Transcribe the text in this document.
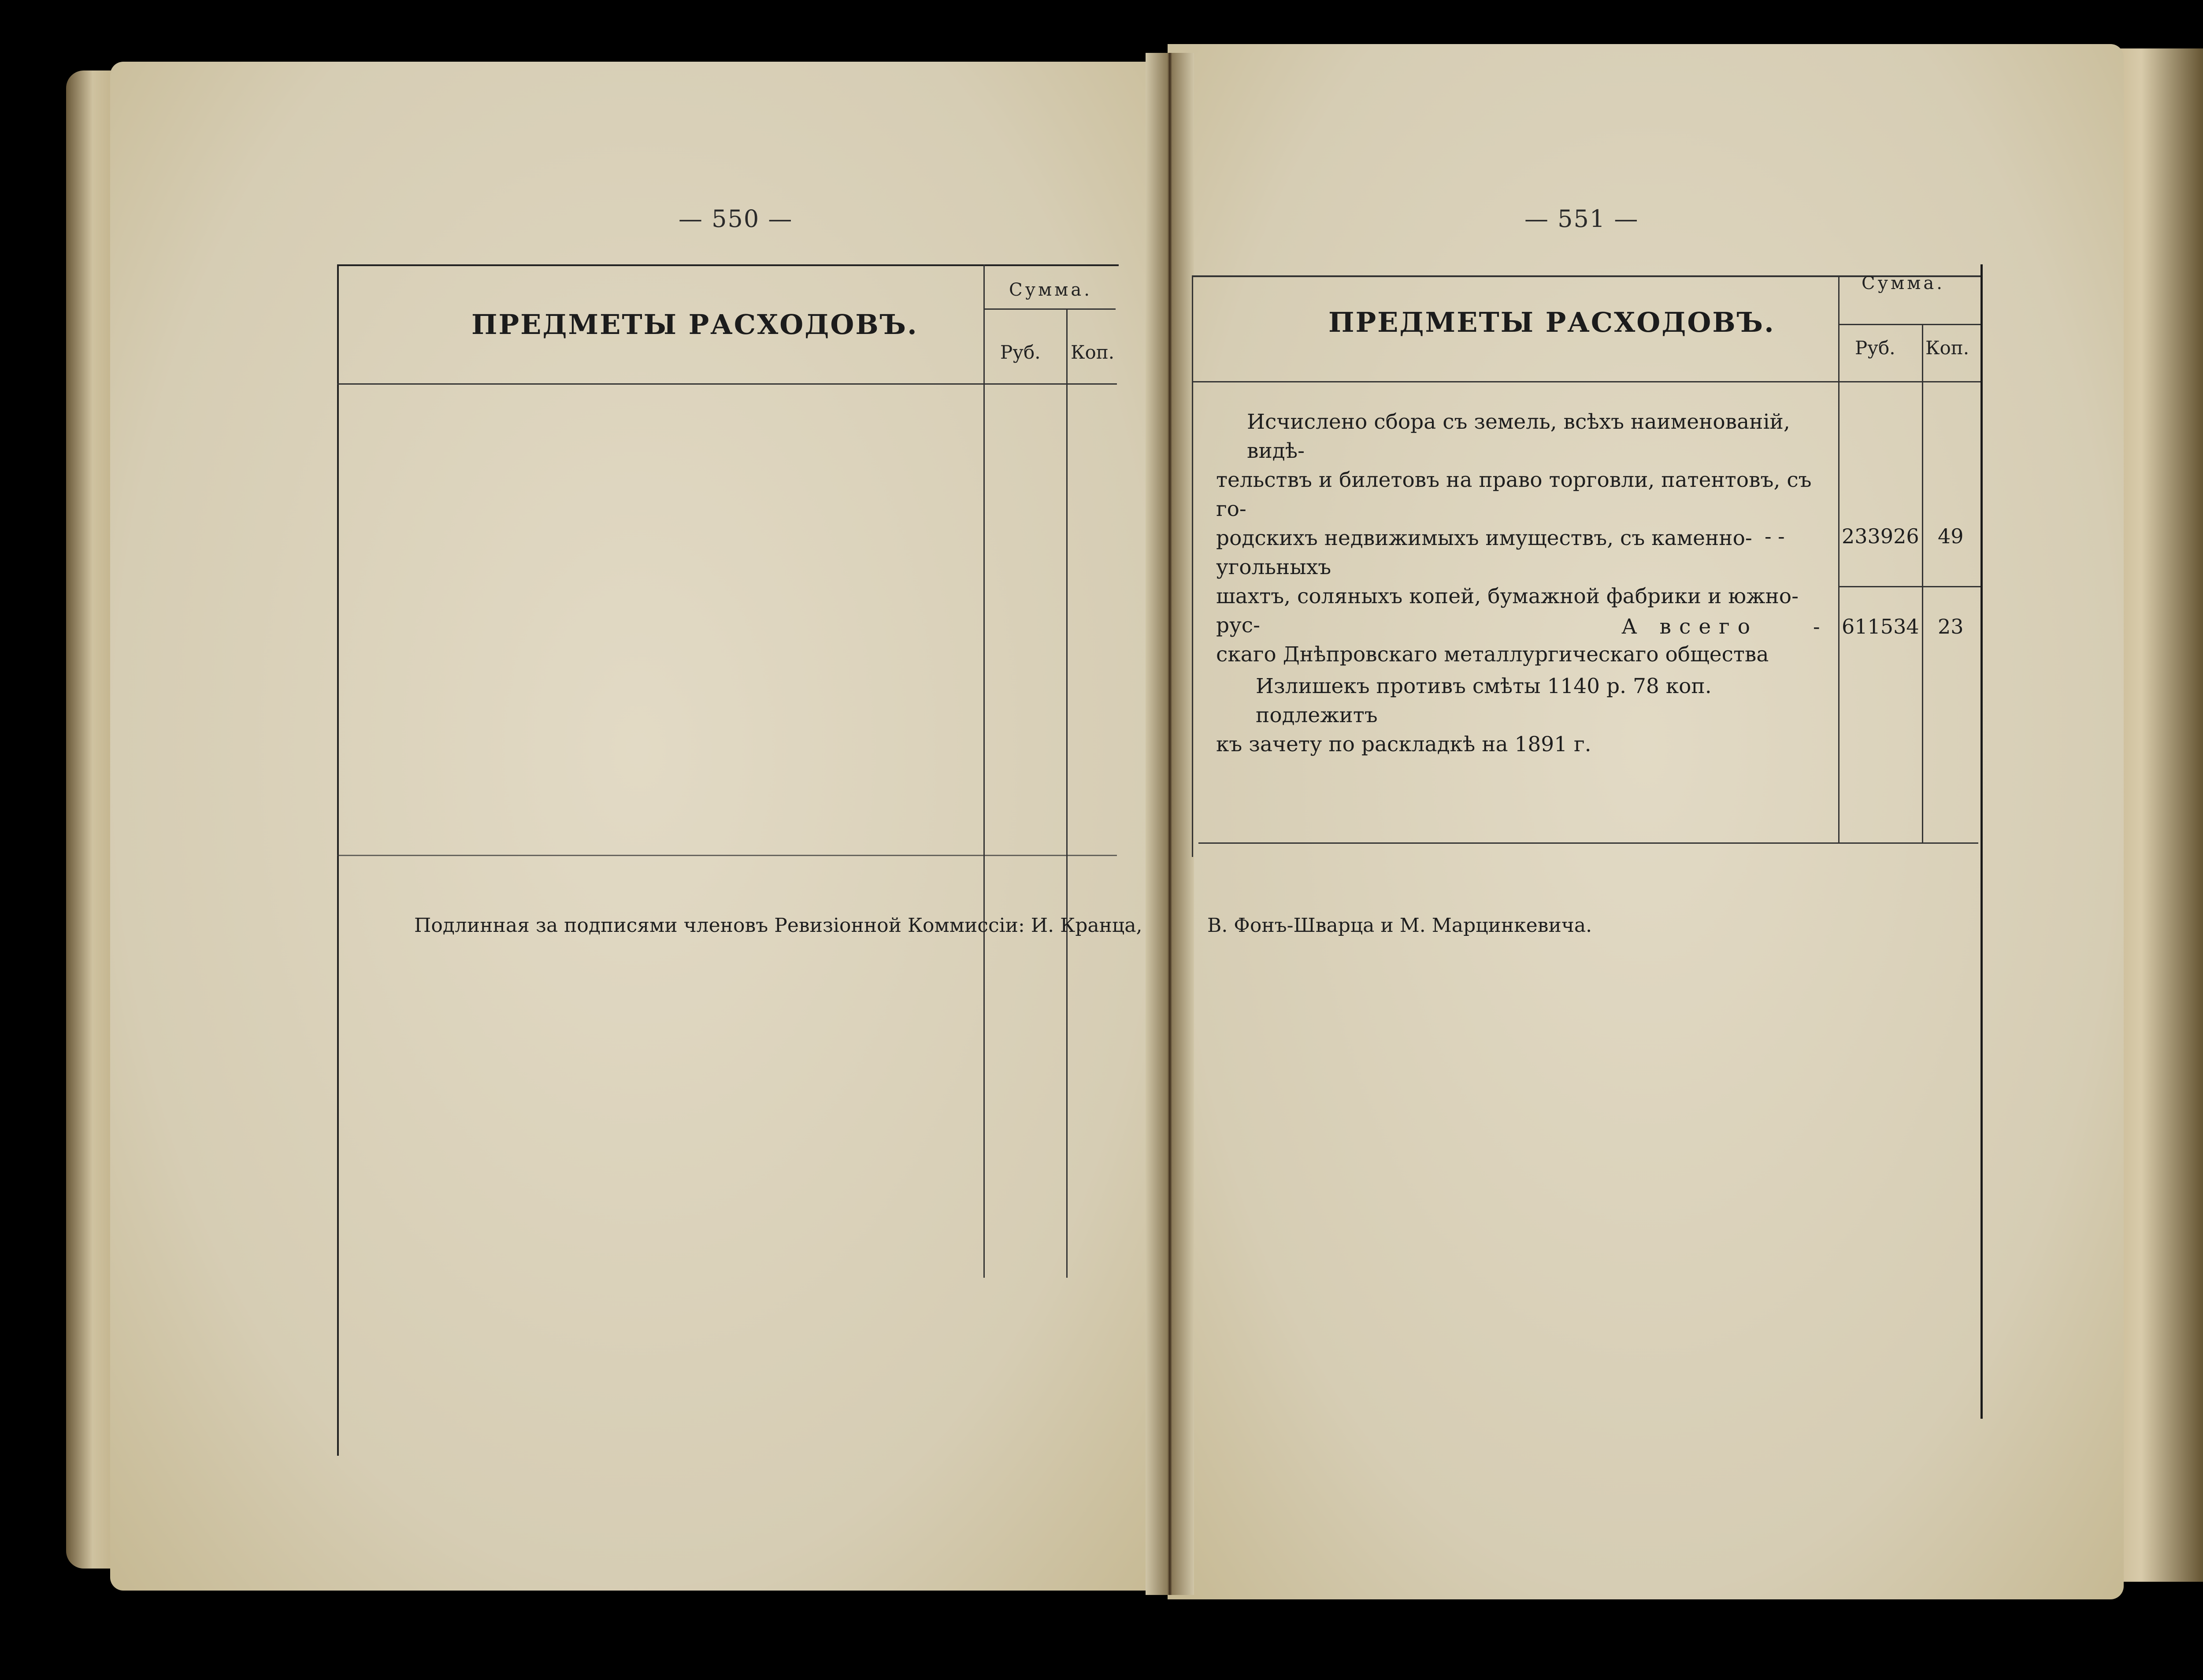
— 550 —
ПРЕДМЕТЫ РАСХОДОВЪ.
Сумма.
Руб. Коп.
Подлинная за подписями членовъ Ревизіонной Коммиссіи: И. Кранца,
— 551 —
ПРЕДМЕТЫ РАСХОДОВЪ.
Сумма.
Руб. Коп.
Исчислено сбора съ земель, всѣхъ наименованій, видѣ-
тельствъ и билетовъ на право торговли, патентовъ, съ го-
родскихъ недвижимыхъ имуществъ, съ каменно-угольныхъ
шахтъ, соляныхъ копей, бумажной фабрики и южно-рус-
скаго Днѣпровскаго металлургическаго общества
- -	233926 49
А всего	- 611534 23
Излишекъ противъ смѣты 1140 р. 78 коп. подлежитъ
къ зачету по раскладкѣ на 1891 г.
В. Фонъ-Шварца и М. Марцинкевича.
